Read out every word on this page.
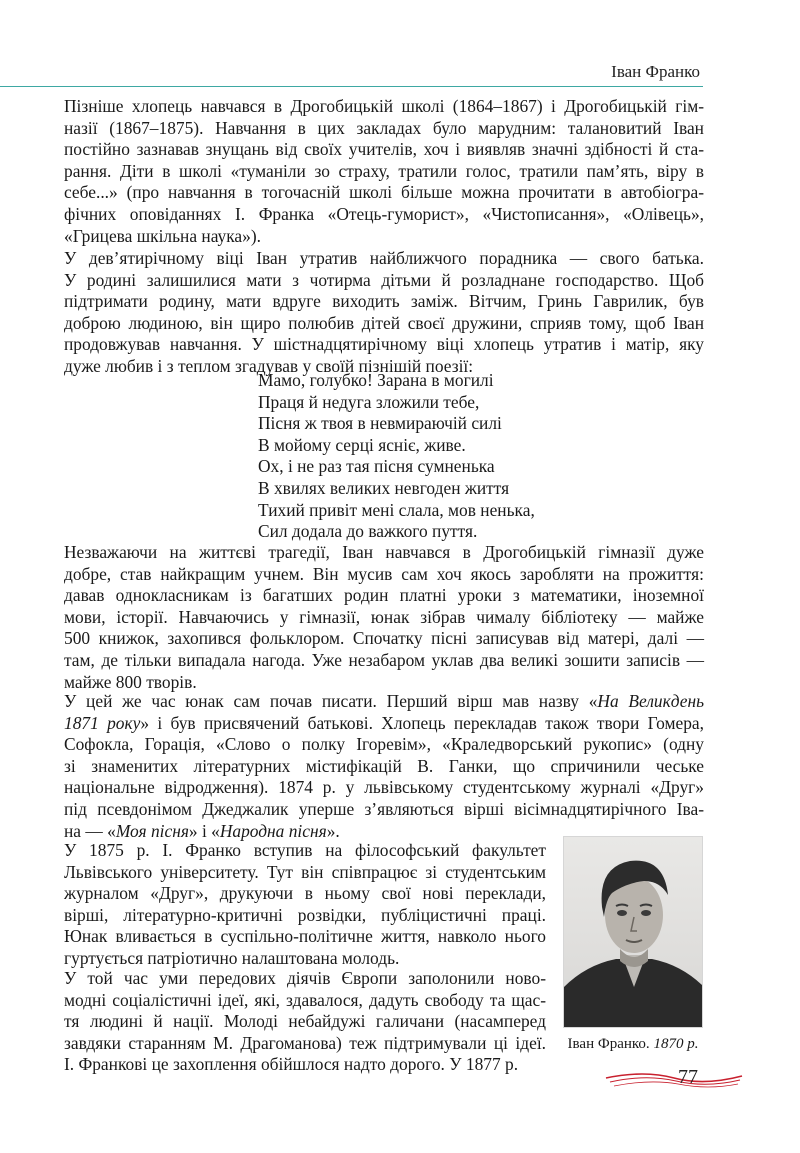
Іван Франко
Пізніше хлопець навчався в Дрогобицькій школі (1864–1867) і Дрогобицькій гім-
назії (1867–1875). Навчання в цих закладах було марудним: талановитий Іван
постійно зазнавав знущань від своїх учителів, хоч і виявляв значні здібності й ста-
рання. Діти в школі «туманіли зо страху, тратили голос, тратили пам’ять, віру в
себе...» (про навчання в тогочасній школі більше можна прочитати в автобіогра-
фічних оповіданнях І. Франка «Отець-гуморист», «Чистописання», «Олівець»,
«Грицева шкільна наука»).
У дев’ятирічному віці Іван утратив найближчого порадника — свого батька.
У родині залишилися мати з чотирма дітьми й розладнане господарство. Щоб
підтримати родину, мати вдруге виходить заміж. Вітчим, Гринь Гаврилик, був
доброю людиною, він щиро полюбив дітей своєї дружини, сприяв тому, щоб Іван
продовжував навчання. У шістнадцятирічному віці хлопець утратив і матір, яку
дуже любив і з теплом згадував у своїй пізнішій поезії:
Мамо, голубко! Зарана в могилі
Праця й недуга зложили тебе,
Пісня ж твоя в невмираючій силі
В мойому серці ясніє, живе.
Ох, і не раз тая пісня сумненька
В хвилях великих невгоден життя
Тихий привіт мені слала, мов ненька,
Сил додала до важкого пуття.
Незважаючи на життєві трагедії, Іван навчався в Дрогобицькій гімназії дуже
добре, став найкращим учнем. Він мусив сам хоч якось заробляти на прожиття:
давав однокласникам із багатших родин платні уроки з математики, іноземної
мови, історії. Навчаючись у гімназії, юнак зібрав чималу бібліотеку — майже
500 книжок, захопився фольклором. Спочатку пісні записував від матері, далі —
там, де тільки випадала нагода. Уже незабаром уклав два великі зошити записів —
майже 800 творів.
У цей же час юнак сам почав писати. Перший вірш мав назву «На Великдень
1871 року» і був присвячений батькові. Хлопець перекладав також твори Гомера,
Софокла, Горація, «Слово о полку Ігоревім», «Краледворський рукопис» (одну
зі знаменитих літературних містифікацій В. Ганки, що спричинили чеське
національне відродження). 1874 р. у львівському студентському журналі «Друг»
під псевдонімом Джеджалик уперше з’являються вірші вісімнадцятирічного Іва-
на — «Моя пісня» і «Народна пісня».
У 1875 р. І. Франко вступив на філософський факультет
Львівського університету. Тут він співпрацює зі студентським
журналом «Друг», друкуючи в ньому свої нові переклади,
вірші, літературно-критичні розвідки, публіцистичні праці.
Юнак вливається в суспільно-політичне життя, навколо нього
гуртується патріотично налаштована молодь.
У той час уми передових діячів Європи заполонили ново-
модні соціалістичні ідеї, які, здавалося, дадуть свободу та щас-
тя людині й нації. Молоді небайдужі галичани (насамперед
завдяки старанням М. Драгоманова) теж підтримували ці ідеї.
І. Франкові це захоплення обійшлося надто дорого. У 1877 р.
Іван Франко. 1870 р.
77
